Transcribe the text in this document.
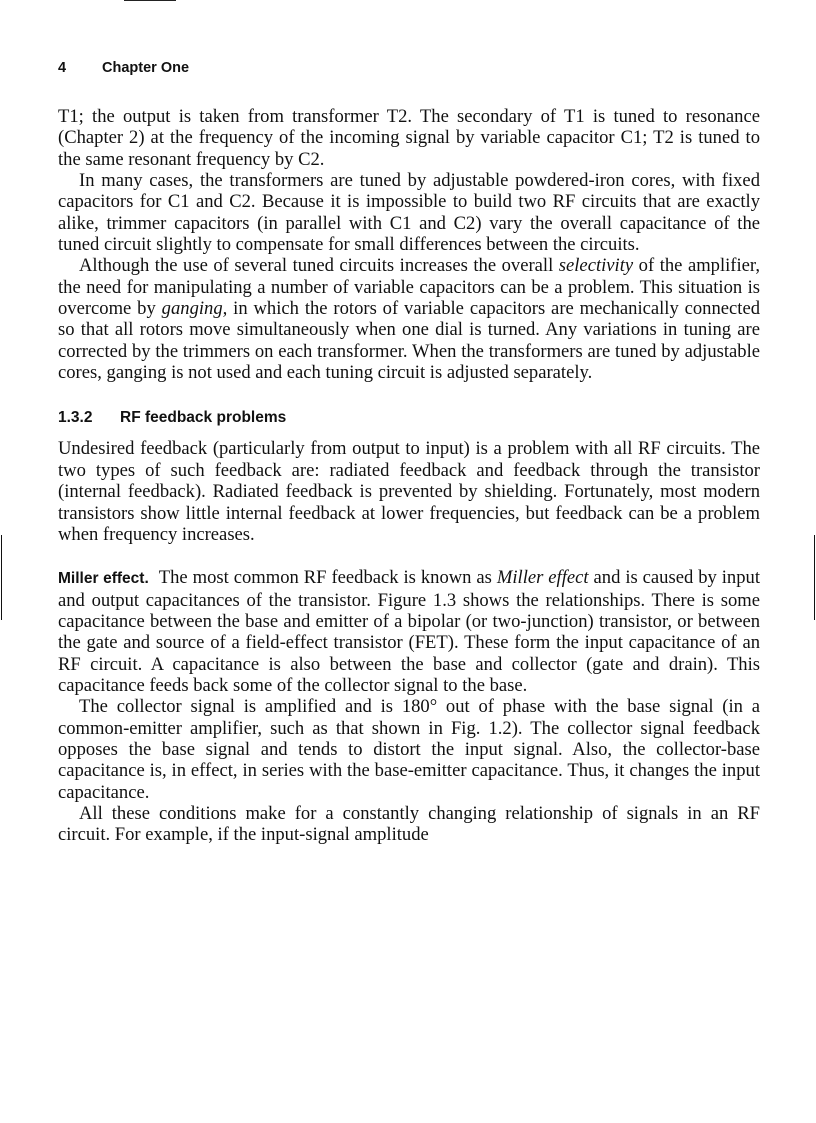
4 Chapter One

T1; the output is taken from transformer T2. The secondary of T1 is tuned to resonance (Chapter 2) at the frequency of the incoming signal by variable capacitor C1; T2 is tuned to the same resonant frequency by C2.

In many cases, the transformers are tuned by adjustable powdered-iron cores, with fixed capacitors for C1 and C2. Because it is impossible to build two RF circuits that are exactly alike, trimmer capacitors (in parallel with C1 and C2) vary the overall capacitance of the tuned circuit slightly to compensate for small differences between the circuits.

Although the use of several tuned circuits increases the overall selectivity of the amplifier, the need for manipulating a number of variable capacitors can be a problem. This situation is overcome by ganging, in which the rotors of variable capacitors are mechanically connected so that all rotors move simultaneously when one dial is turned. Any variations in tuning are corrected by the trimmers on each transformer. When the transformers are tuned by adjustable cores, ganging is not used and each tuning circuit is adjusted separately.

1.3.2 RF feedback problems

Undesired feedback (particularly from output to input) is a problem with all RF circuits. The two types of such feedback are: radiated feedback and feedback through the transistor (internal feedback). Radiated feedback is prevented by shielding. Fortunately, most modern transistors show little internal feedback at lower frequencies, but feedback can be a problem when frequency increases.

Miller effect. The most common RF feedback is known as Miller effect and is caused by input and output capacitances of the transistor. Figure 1.3 shows the relationships. There is some capacitance between the base and emitter of a bipolar (or two-junction) transistor, or between the gate and source of a field-effect transistor (FET). These form the input capacitance of an RF circuit. A capacitance is also between the base and collector (gate and drain). This capacitance feeds back some of the collector signal to the base.

The collector signal is amplified and is 180° out of phase with the base signal (in a common-emitter amplifier, such as that shown in Fig. 1.2). The collector signal feedback opposes the base signal and tends to distort the input signal. Also, the collector-base capacitance is, in effect, in series with the base-emitter capacitance. Thus, it changes the input capacitance.

All these conditions make for a constantly changing relationship of signals in an RF circuit. For example, if the input-signal amplitude
